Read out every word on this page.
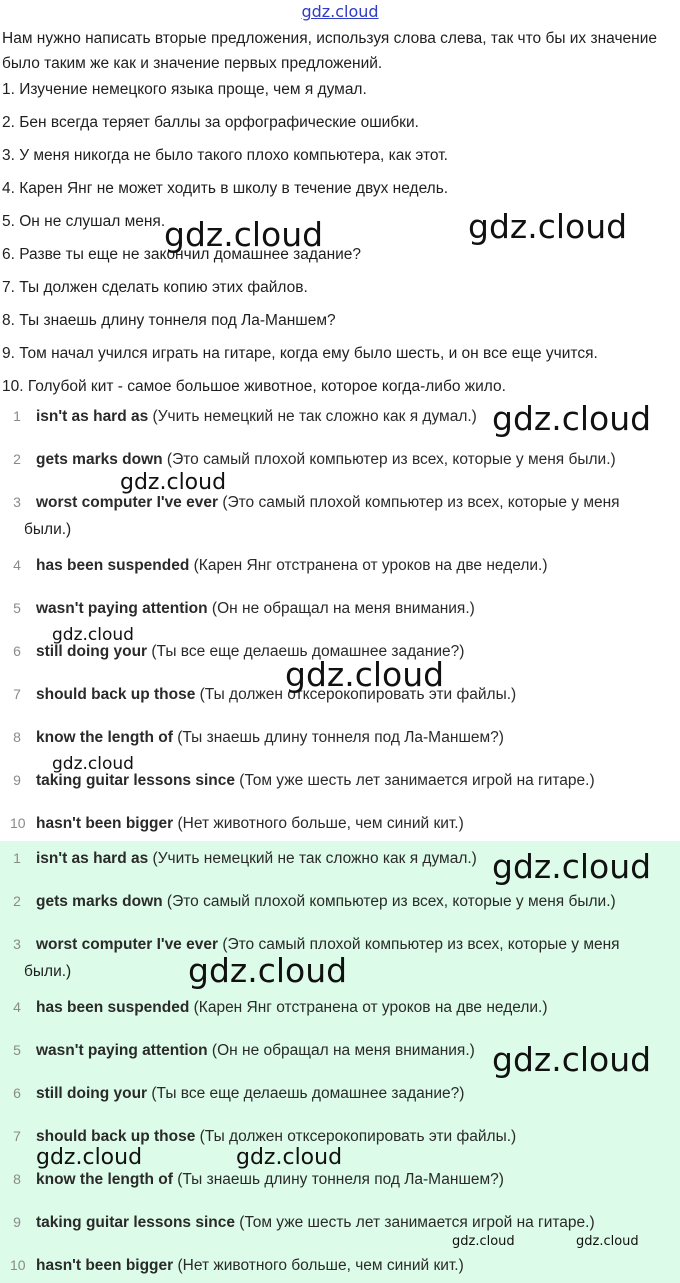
gdz.cloud
Нам нужно написать вторые предложения, используя слова слева, так что бы их значение было таким же как и значение первых предложений.
1. Изучение немецкого языка проще, чем я думал.
2. Бен всегда теряет баллы за орфографические ошибки.
3. У меня никогда не было такого плохо компьютера, как этот.
4. Карен Янг не может ходить в школу в течение двух недель.
5. Он не слушал меня.
6. Разве ты еще не закончил домашнее задание?
7. Ты должен сделать копию этих файлов.
8. Ты знаешь длину тоннеля под Ла-Маншем?
9. Том начал учился играть на гитаре, когда ему было шесть, и он все еще учится.
10. Голубой кит - самое большое животное, которое когда-либо жило.
1 isn't as hard as (Учить немецкий не так сложно как я думал.)
2 gets marks down (Это самый плохой компьютер из всех, которые у меня были.)
3 worst computer I've ever (Это самый плохой компьютер из всех, которые у меня
были.)
4 has been suspended (Карен Янг отстранена от уроков на две недели.)
5 wasn't paying attention (Он не обращал на меня внимания.)
6 still doing your (Ты все еще делаешь домашнее задание?)
7 should back up those (Ты должен отксерокопировать эти файлы.)
8 know the length of (Ты знаешь длину тоннеля под Ла-Маншем?)
9 taking guitar lessons since (Том уже шесть лет занимается игрой на гитаре.)
10 hasn't been bigger (Нет животного больше, чем синий кит.)
1 isn't as hard as (Учить немецкий не так сложно как я думал.)
2 gets marks down (Это самый плохой компьютер из всех, которые у меня были.)
3 worst computer I've ever (Это самый плохой компьютер из всех, которые у меня
были.)
4 has been suspended (Карен Янг отстранена от уроков на две недели.)
5 wasn't paying attention (Он не обращал на меня внимания.)
6 still doing your (Ты все еще делаешь домашнее задание?)
7 should back up those (Ты должен отксерокопировать эти файлы.)
8 know the length of (Ты знаешь длину тоннеля под Ла-Маншем?)
9 taking guitar lessons since (Том уже шесть лет занимается игрой на гитаре.)
10 hasn't been bigger (Нет животного больше, чем синий кит.)
gdz.cloud	gdz.cloud
gdz.cloud
gdz.cloud
gdz.cloud
gdz.cloud
gdz.cloud
gdz.cloud
gdz.cloud
gdz.cloud
gdz.cloud	gdz.cloud
gdz.cloud	gdz.cloud
